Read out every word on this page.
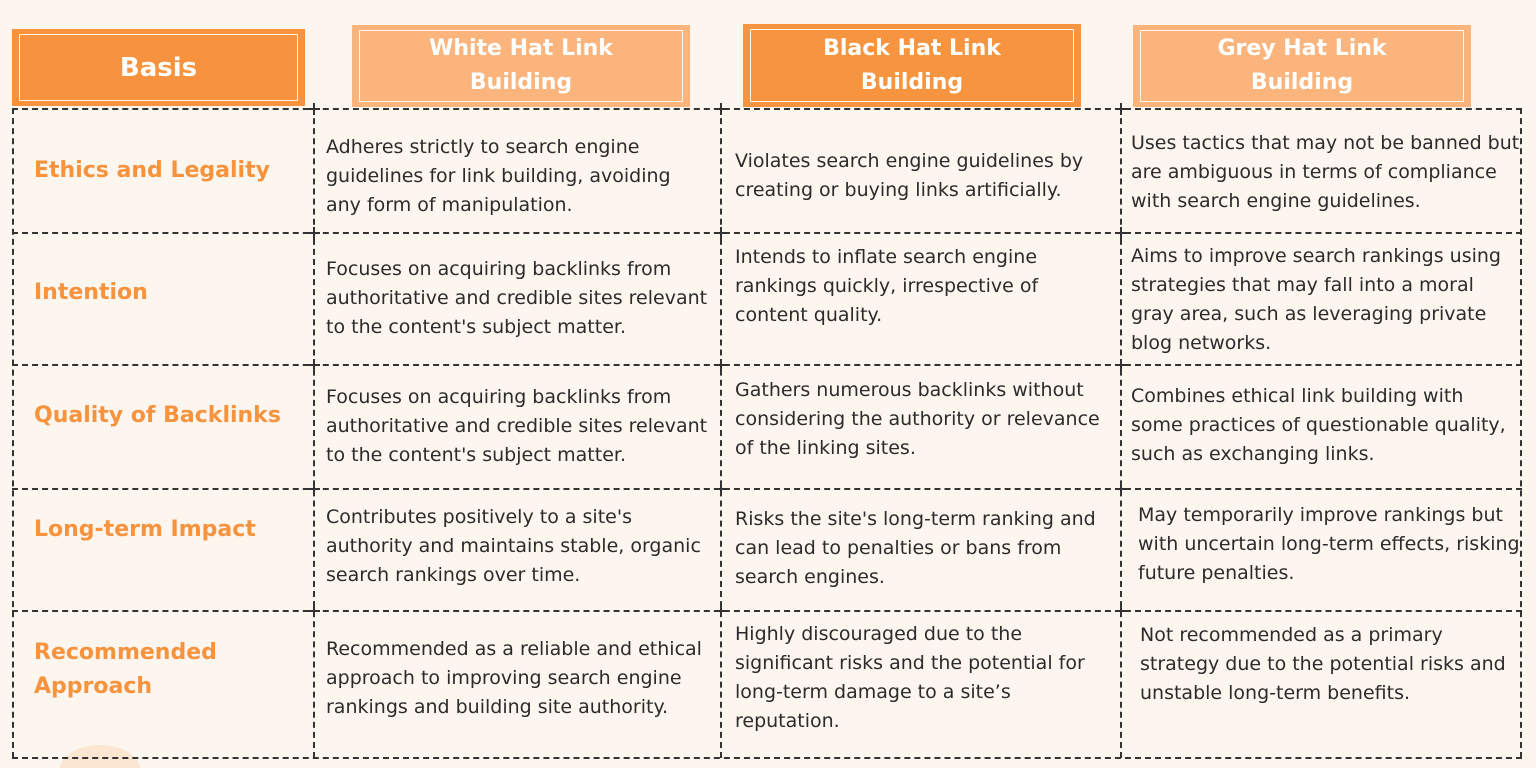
Basis
White Hat Link Building
Black Hat Link Building
Grey Hat Link Building
Ethics and Legality
Adheres strictly to search engine guidelines for link building, avoiding any form of manipulation.
Violates search engine guidelines by creating or buying links artificially.
Uses tactics that may not be banned but are ambiguous in terms of compliance with search engine guidelines.
Intention
Focuses on acquiring backlinks from authoritative and credible sites relevant to the content's subject matter.
Intends to inflate search engine rankings quickly, irrespective of content quality.
Aims to improve search rankings using strategies that may fall into a moral gray area, such as leveraging private blog networks.
Quality of Backlinks
Focuses on acquiring backlinks from authoritative and credible sites relevant to the content's subject matter.
Gathers numerous backlinks without considering the authority or relevance of the linking sites.
Combines ethical link building with some practices of questionable quality, such as exchanging links.
Long-term Impact
Contributes positively to a site's authority and maintains stable, organic search rankings over time.
Risks the site's long-term ranking and can lead to penalties or bans from search engines.
May temporarily improve rankings but with uncertain long-term effects, risking future penalties.
Recommended Approach
Recommended as a reliable and ethical approach to improving search engine rankings and building site authority.
Highly discouraged due to the significant risks and the potential for long-term damage to a site’s reputation.
Not recommended as a primary strategy due to the potential risks and unstable long-term benefits.
